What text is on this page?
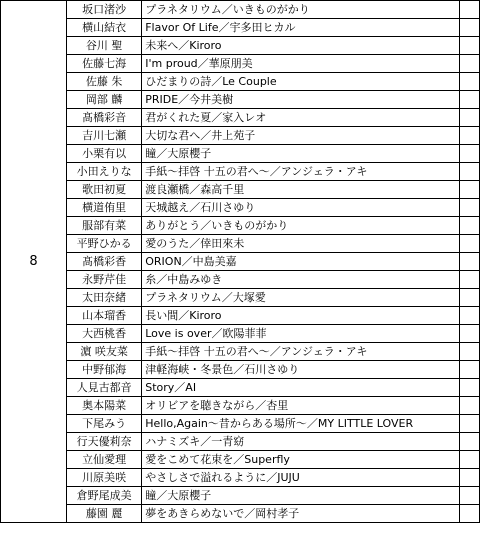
8	坂口渚沙	プラネタリウム／いきものがかり	
	横山結衣	Flavor Of Life／宇多田ヒカル	
	谷川 聖	未来へ／Kiroro	
	佐藤七海	I'm proud／華原朋美	
	佐藤 朱	ひだまりの詩／Le Couple	
	岡部 麟	PRIDE／今井美樹	
	髙橋彩音	君がくれた夏／家入レオ	
	吉川七瀬	大切な君へ／井上苑子	
	小栗有以	瞳／大原櫻子	
	小田えりな	手紙～拝啓 十五の君へ～／アンジェラ・アキ	
	歌田初夏	渡良瀬橋／森高千里	
	横道侑里	天城越え／石川さゆり	
	服部有菜	ありがとう／いきものがかり	
	平野ひかる	愛のうた／倖田來未	
	髙橋彩香	ORION／中島美嘉	
	永野芹佳	糸／中島みゆき	
	太田奈緒	プラネタリウム／大塚愛	
	山本瑠香	長い間／Kiroro	
	大西桃香	Love is over／欧陽菲菲	
	濵 咲友菜	手紙～拝啓 十五の君へ～／アンジェラ・アキ	
	中野郁海	津軽海峡・冬景色／石川さゆり	
	人見古都音	Story／AI	
	奥本陽菜	オリビアを聴きながら／杏里	
	下尾みう	Hello,Again～昔からある場所～／MY LITTLE LOVER	
	行天優莉奈	ハナミズキ／一青窈	
	立仙愛理	愛をこめて花束を／Superfly	
	川原美咲	やさしさで溢れるように／JUJU	
	倉野尾成美	瞳／大原櫻子	
	藤園 麗	夢をあきらめないで／岡村孝子	
